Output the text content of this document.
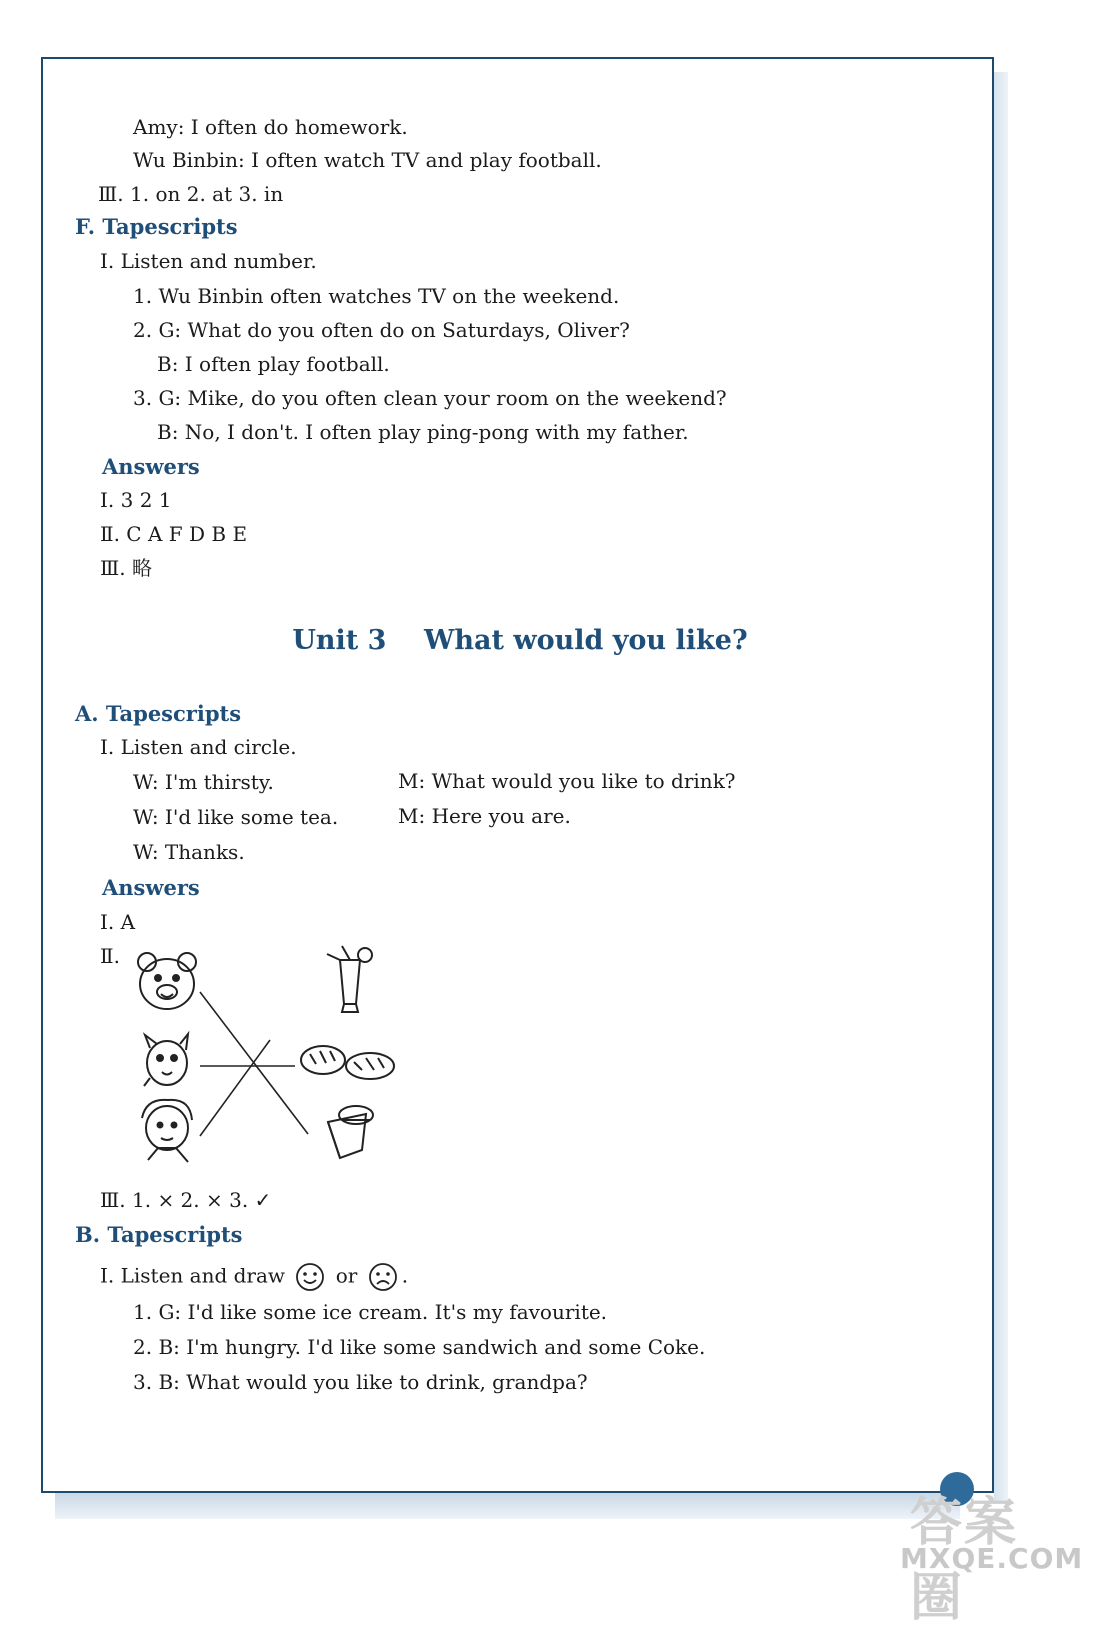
Amy: I often do homework.
Wu Binbin: I often watch TV and play football.
Ⅲ. 1. on 2. at 3. in
F. Tapescripts
Ⅰ. Listen and number.
1. Wu Binbin often watches TV on the weekend.
2. G: What do you often do on Saturdays, Oliver?
B: I often play football.
3. G: Mike, do you often clean your room on the weekend?
B: No, I don't. I often play ping-pong with my father.
Answers
Ⅰ. 3 2 1
Ⅱ. C A F D B E
Ⅲ. 略
Unit 3    What would you like?
A. Tapescripts
Ⅰ. Listen and circle.
W: I'm thirsty.	M: What would you like to drink?
W: I'd like some tea.	M: Here you are.
W: Thanks.
Answers
Ⅰ. A
Ⅱ.
Ⅲ. 1. × 2. × 3. ✓
B. Tapescripts
Ⅰ. Listen and draw	or .
1. G: I'd like some ice cream. It's my favourite.
2. B: I'm hungry. I'd like some sandwich and some Coke.
3. B: What would you like to drink, grandpa?
答案圈
MXQE.COM
